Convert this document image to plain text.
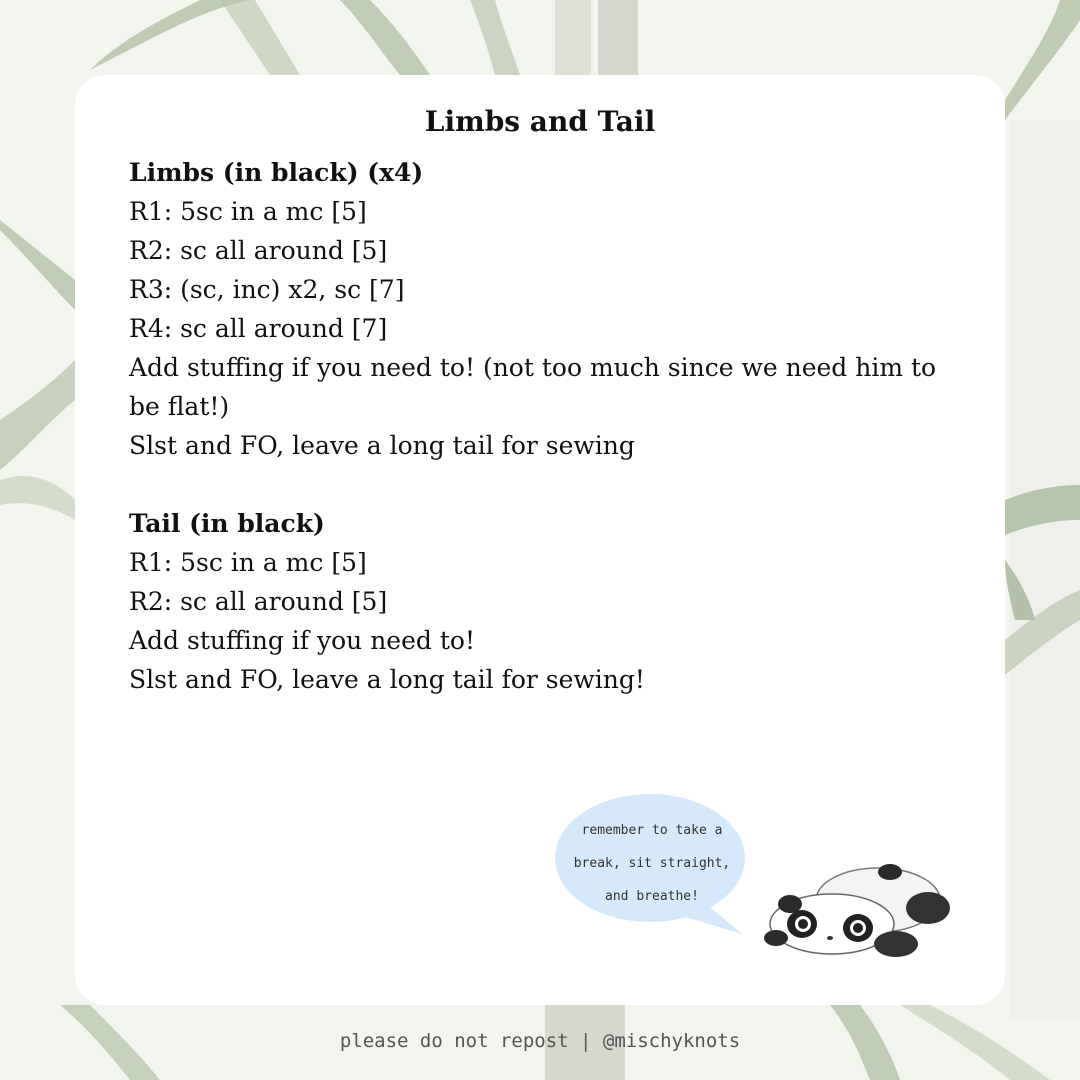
Limbs and Tail
Limbs (in black) (x4)
R1: 5sc in a mc [5]
R2: sc all around [5]
R3: (sc, inc) x2, sc [7]
R4: sc all around [7]
Add stuffing if you need to! (not too much since we need him to be flat!)
Slst and FO, leave a long tail for sewing
Tail (in black)
R1: 5sc in a mc [5]
R2: sc all around [5]
Add stuffing if you need to!
Slst and FO, leave a long tail for sewing!
remember to take a
break, sit straight,
and breathe!
please do not repost | @mischyknots
